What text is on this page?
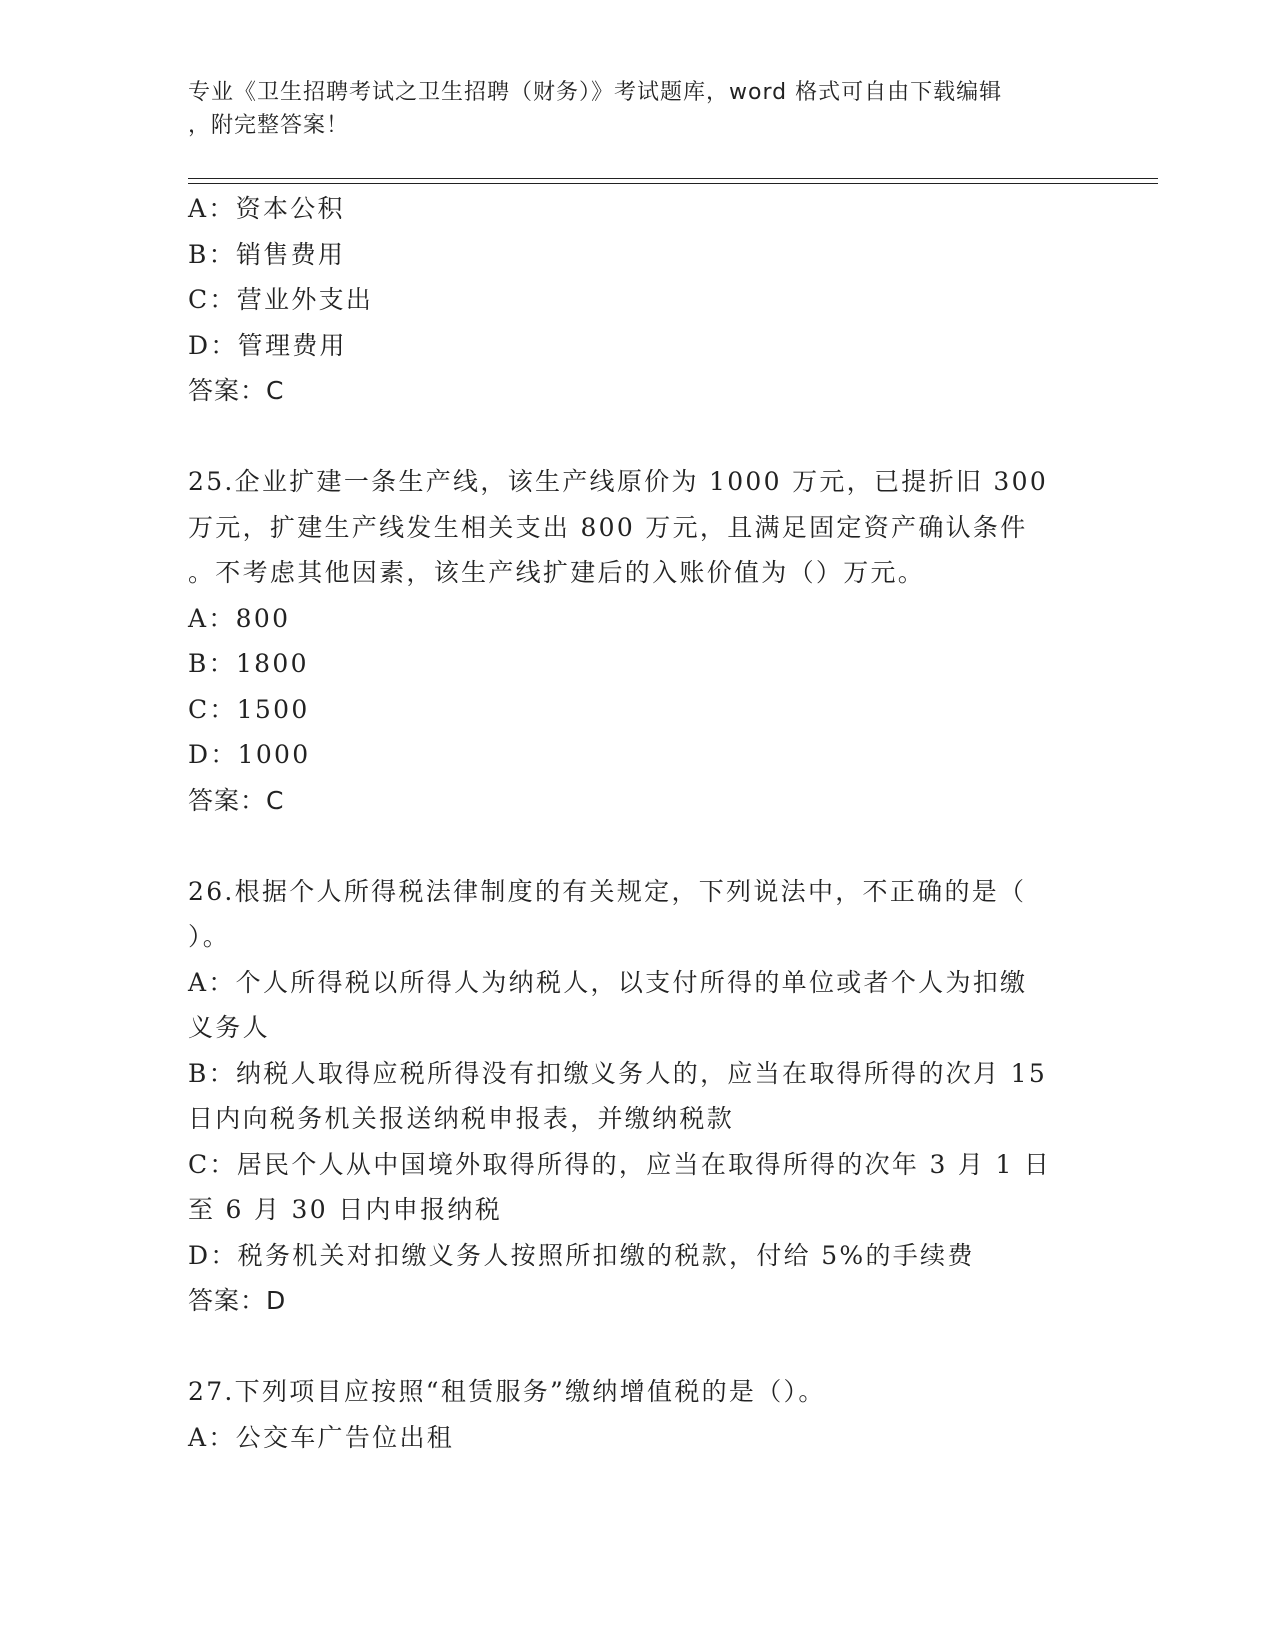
专业《卫生招聘考试之卫生招聘（财务）》考试题库，word 格式可自由下载编辑
，附完整答案！
A：资本公积
B：销售费用
C：营业外支出
D：管理费用
答案：C
25.企业扩建一条生产线，该生产线原价为 1000 万元，已提折旧 300
万元，扩建生产线发生相关支出 800 万元，且满足固定资产确认条件
。不考虑其他因素，该生产线扩建后的入账价值为（）万元。
A：800
B：1800
C：1500
D：1000
答案：C
26.根据个人所得税法律制度的有关规定，下列说法中，不正确的是（
）。
A：个人所得税以所得人为纳税人，以支付所得的单位或者个人为扣缴
义务人
B：纳税人取得应税所得没有扣缴义务人的，应当在取得所得的次月 15
日内向税务机关报送纳税申报表，并缴纳税款
C：居民个人从中国境外取得所得的，应当在取得所得的次年 3 月 1 日
至 6 月 30 日内申报纳税
D：税务机关对扣缴义务人按照所扣缴的税款，付给 5%的手续费
答案：D
27.下列项目应按照“租赁服务”缴纳增值税的是（）。
A：公交车广告位出租
